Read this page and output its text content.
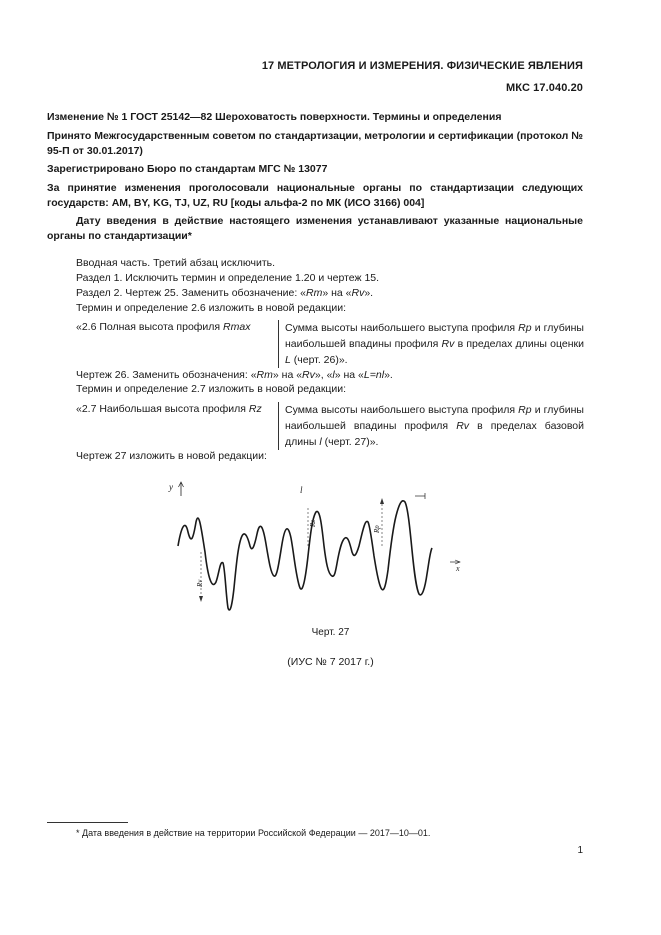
17 МЕТРОЛОГИЯ И ИЗМЕРЕНИЯ. ФИЗИЧЕСКИЕ ЯВЛЕНИЯ
МКС 17.040.20
Изменение № 1 ГОСТ 25142—82 Шероховатость поверхности. Термины и определения
Принято Межгосударственным советом по стандартизации, метрологии и сертификации (протокол № 95-П от 30.01.2017)
Зарегистрировано Бюро по стандартам МГС № 13077
За принятие изменения проголосовали национальные органы по стандартизации следующих государств: AM, BY, KG, TJ, UZ, RU [коды альфа-2 по МК (ИСО 3166) 004]
Дату введения в действие настоящего изменения устанавливают указанные национальные органы по стандартизации*
Вводная часть. Третий абзац исключить.
Раздел 1. Исключить термин и определение 1.20 и чертеж 15.
Раздел 2. Чертеж 25. Заменить обозначение: «Rm» на «Rv».
Термин и определение 2.6 изложить в новой редакции:
«2.6 Полная высота профиля Rmax	Сумма высоты наибольшего выступа профиля Rp и глубины наибольшей впадины профиля Rv в пределах длины оценки L (черт. 26)».
Чертеж 26. Заменить обозначения: «Rm» на «Rv», «l» на «L=nl».
Термин и определение 2.7 изложить в новой редакции:
«2.7 Наибольшая высота профиля Rz	Сумма высоты наибольшего выступа профиля Rp и глубины наибольшей впадины профиля Rv в пределах базовой длины l (черт. 27)».
Чертеж 27 изложить в новой редакции:
y	l
x
Rv
Rz
Rp
Черт. 27
(ИУС № 7 2017 г.)
* Дата введения в действие на территории Российской Федерации — 2017—10—01.
1
